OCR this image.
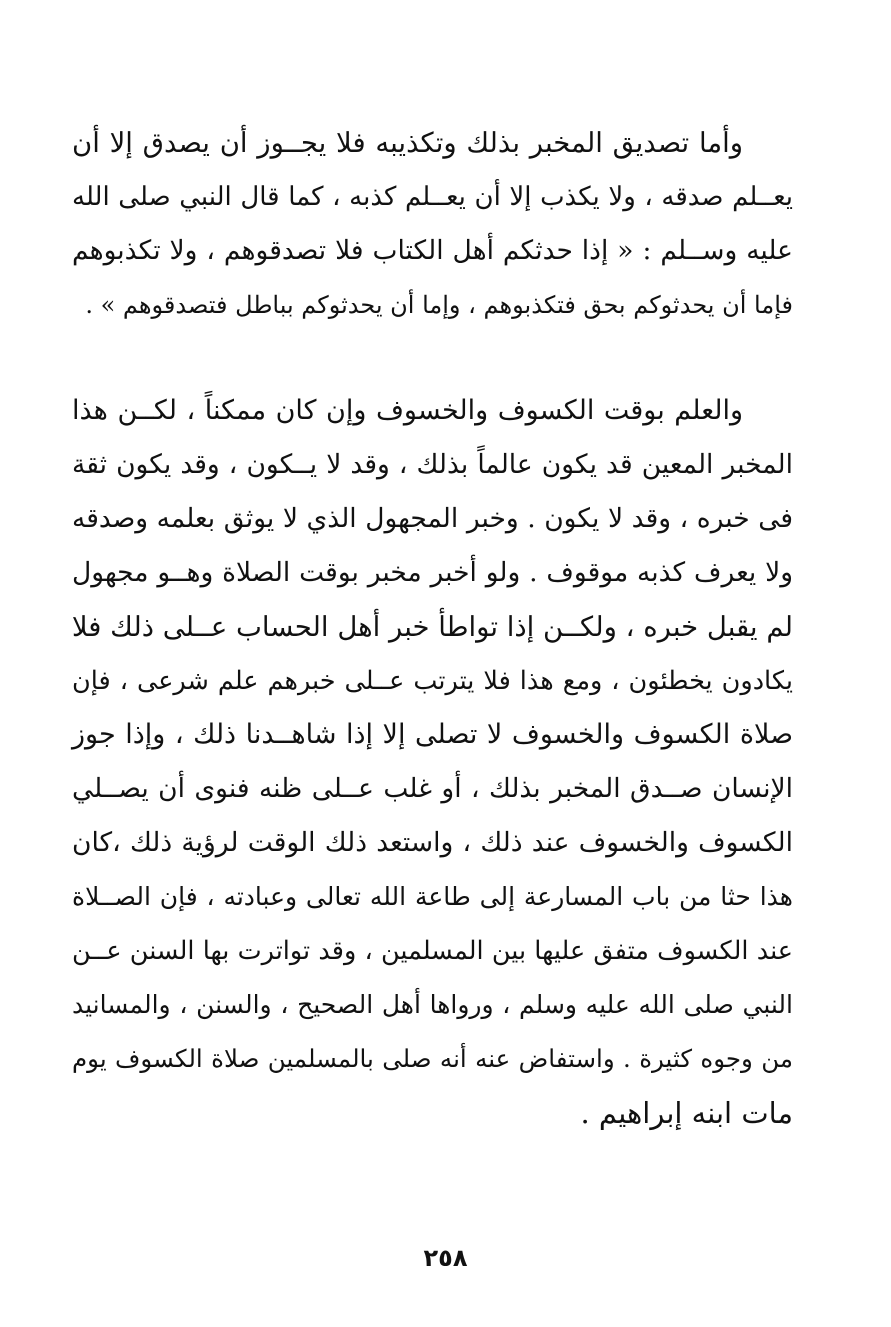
وأما تصديق المخبر بذلك وتكذيبه فلا يجــوز أن يصدق إلا أن
يعــلم صدقه ، ولا يكذب إلا أن يعــلم كذبه ، كما قال النبي صلى الله
عليه وســلم : « إذا حدثكم أهل الكتاب فلا تصدقوهم ، ولا تكذبوهم
فإما أن يحدثوكم بحق فتكذبوهم ، وإما أن يحدثوكم بباطل فتصدقوهم » .
والعلم بوقت الكسوف والخسوف وإن كان ممكناً ، لكــن هذا
المخبر المعين قد يكون عالماً بذلك ، وقد لا يــكون ، وقد يكون ثقة
فى خبره ، وقد لا يكون . وخبر المجهول الذي لا يوثق بعلمه وصدقه
ولا يعرف كذبه موقوف . ولو أخبر مخبر بوقت الصلاة وهــو مجهول
لم يقبل خبره ، ولكــن إذا تواطأ خبر أهل الحساب عــلى ذلك فلا
يكادون يخطئون ، ومع هذا فلا يترتب عــلى خبرهم علم شرعى ، فإن
صلاة الكسوف والخسوف لا تصلى إلا إذا شاهــدنا ذلك ، وإذا جوز
الإنسان صــدق المخبر بذلك ، أو غلب عــلى ظنه فنوى أن يصــلي
الكسوف والخسوف عند ذلك ، واستعد ذلك الوقت لرؤية ذلك ،كان
هذا حثا من باب المسارعة إلى طاعة الله تعالى وعبادته ، فإن الصــلاة
عند الكسوف متفق عليها بين المسلمين ، وقد تواترت بها السنن عــن
النبي صلى الله عليه وسلم ، ورواها أهل الصحيح ، والسنن ، والمسانيد
من وجوه كثيرة . واستفاض عنه أنه صلى بالمسلمين صلاة الكسوف يوم
مات ابنه إبراهيم .
٢٥٨
